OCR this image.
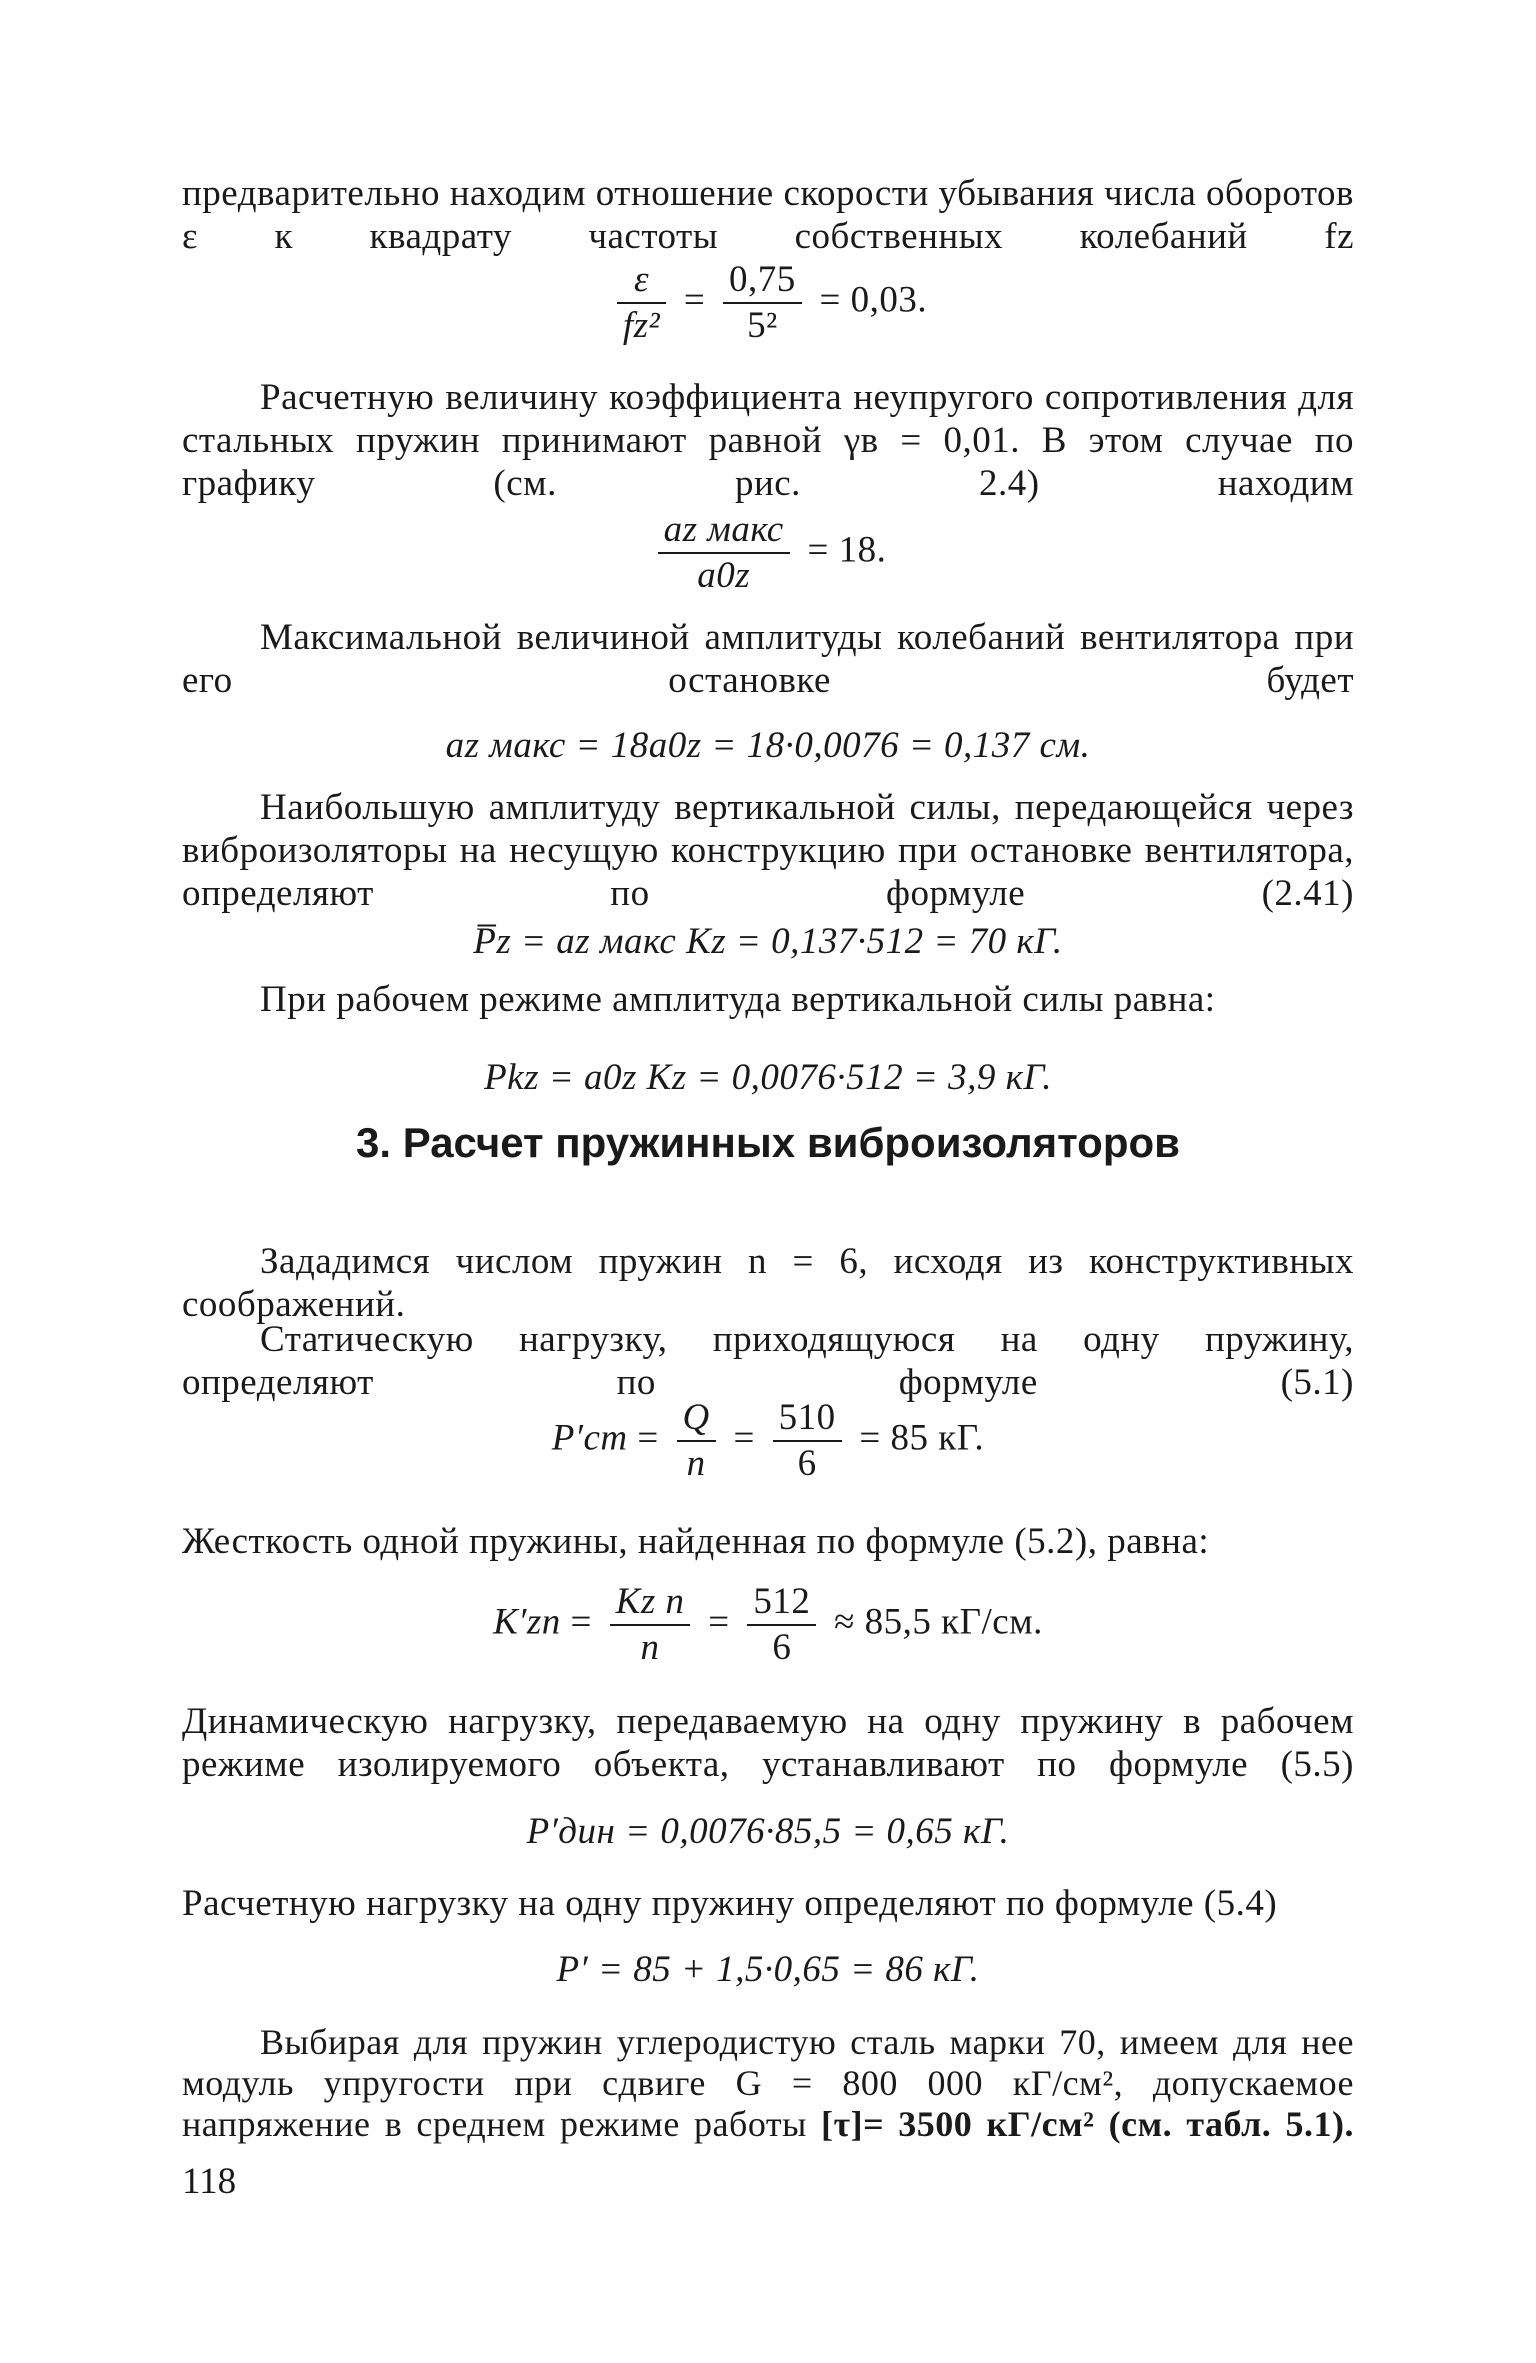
предварительно находим отношение скорости убывания числа оборотов ε к квадрату частоты собственных колебаний fz
$\frac{\varepsilon}{\text{fz²}} = \frac{0,75}{\text{5²}} = 0,03$.
Расчетную величину коэффициента неупругого сопротивления для стальных пружин принимают равной γв = 0,01. В этом случае по графику (см. рис. 2.4) находим
az макс
a0z
= 18.
Максимальной величиной амплитуды колебаний вентилятора при его остановке будет
az макс = 18a0z = 18·0,0076 = 0,137 см.
Наибольшую амплитуду вертикальной силы, передающейся через виброизоляторы на несущую конструкцию при остановке вентилятора, определяют по формуле (2.41)
P̅z = az макс Kz = 0,137·512 = 70 кГ.
При рабочем режиме амплитуда вертикальной силы равна:
Pkz = a0z Kz = 0,0076·512 = 3,9 кГ.
3. Расчет пружинных виброизоляторов
Зададимся числом пружин n = 6, исходя из конструктивных соображений.
Статическую нагрузку, приходящуюся на одну пружину, определяют по формуле (5.1)
$P'ст = \frac{Q}{n} = \frac{510}{6} = 85$ кГ.
Жесткость одной пружины, найденная по формуле (5.2), равна:
K′zп = Kz п
n
= $\frac{512}{6} \approx 85,5$ кГ/см.
Динамическую нагрузку, передаваемую на одну пружину в рабочем режиме изолируемого объекта, устанавливают по формуле (5.5)
P′дин = 0,0076·85,5 = 0,65 кГ.
Расчетную нагрузку на одну пружину определяют по формуле (5.4)
P′ = 85 + 1,5·0,65 = 86 кГ.
Выбирая для пружин углеродистую сталь марки 70, имеем для нее модуль упругости при сдвиге G = 800 000 кГ/см², допускаемое напряжение в среднем режиме работы [τ]= 3500 кГ/см² (см. табл. 5.1).
118
